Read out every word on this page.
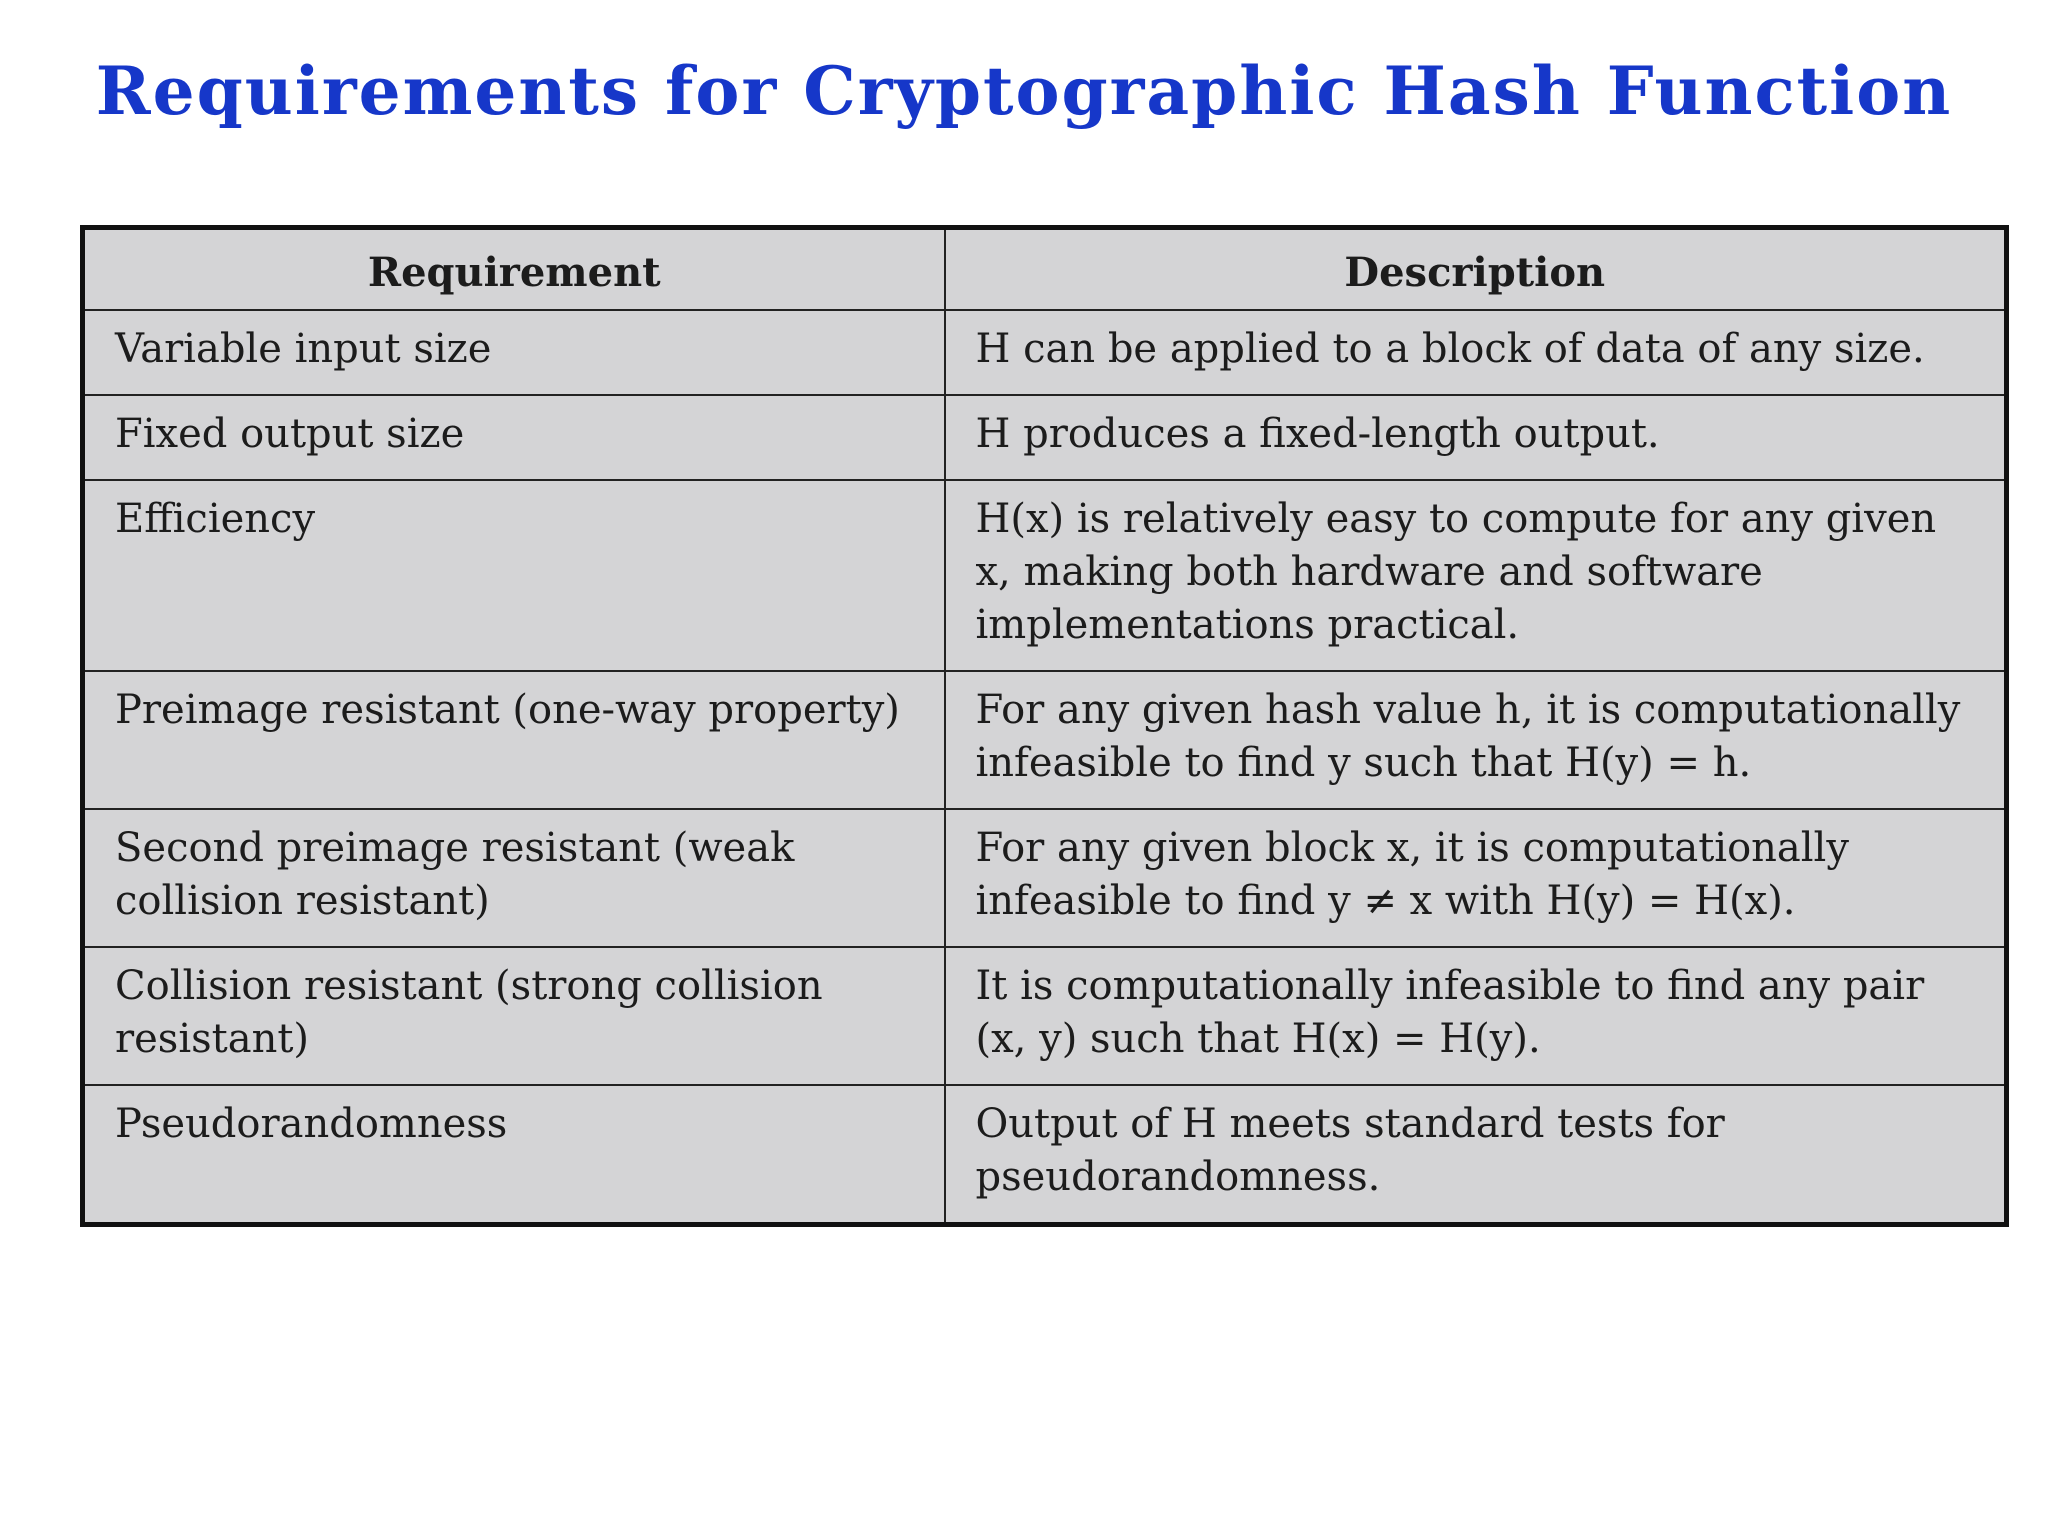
Requirements for Cryptographic Hash Function
Requirement	Description
Variable input size	H can be applied to a block of data of any size.
Fixed output size	H produces a fixed-length output.
Efficiency	H(x) is relatively easy to compute for any given x, making both hardware and software implementations practical.
Preimage resistant (one-way property)	For any given hash value h, it is computationally infeasible to find y such that H(y) = h.
Second preimage resistant (weak collision resistant)	For any given block x, it is computationally infeasible to find y ≠ x with H(y) = H(x).
Collision resistant (strong collision resistant)	It is computationally infeasible to find any pair (x, y) such that H(x) = H(y).
Pseudorandomness	Output of H meets standard tests for pseudorandomness.
